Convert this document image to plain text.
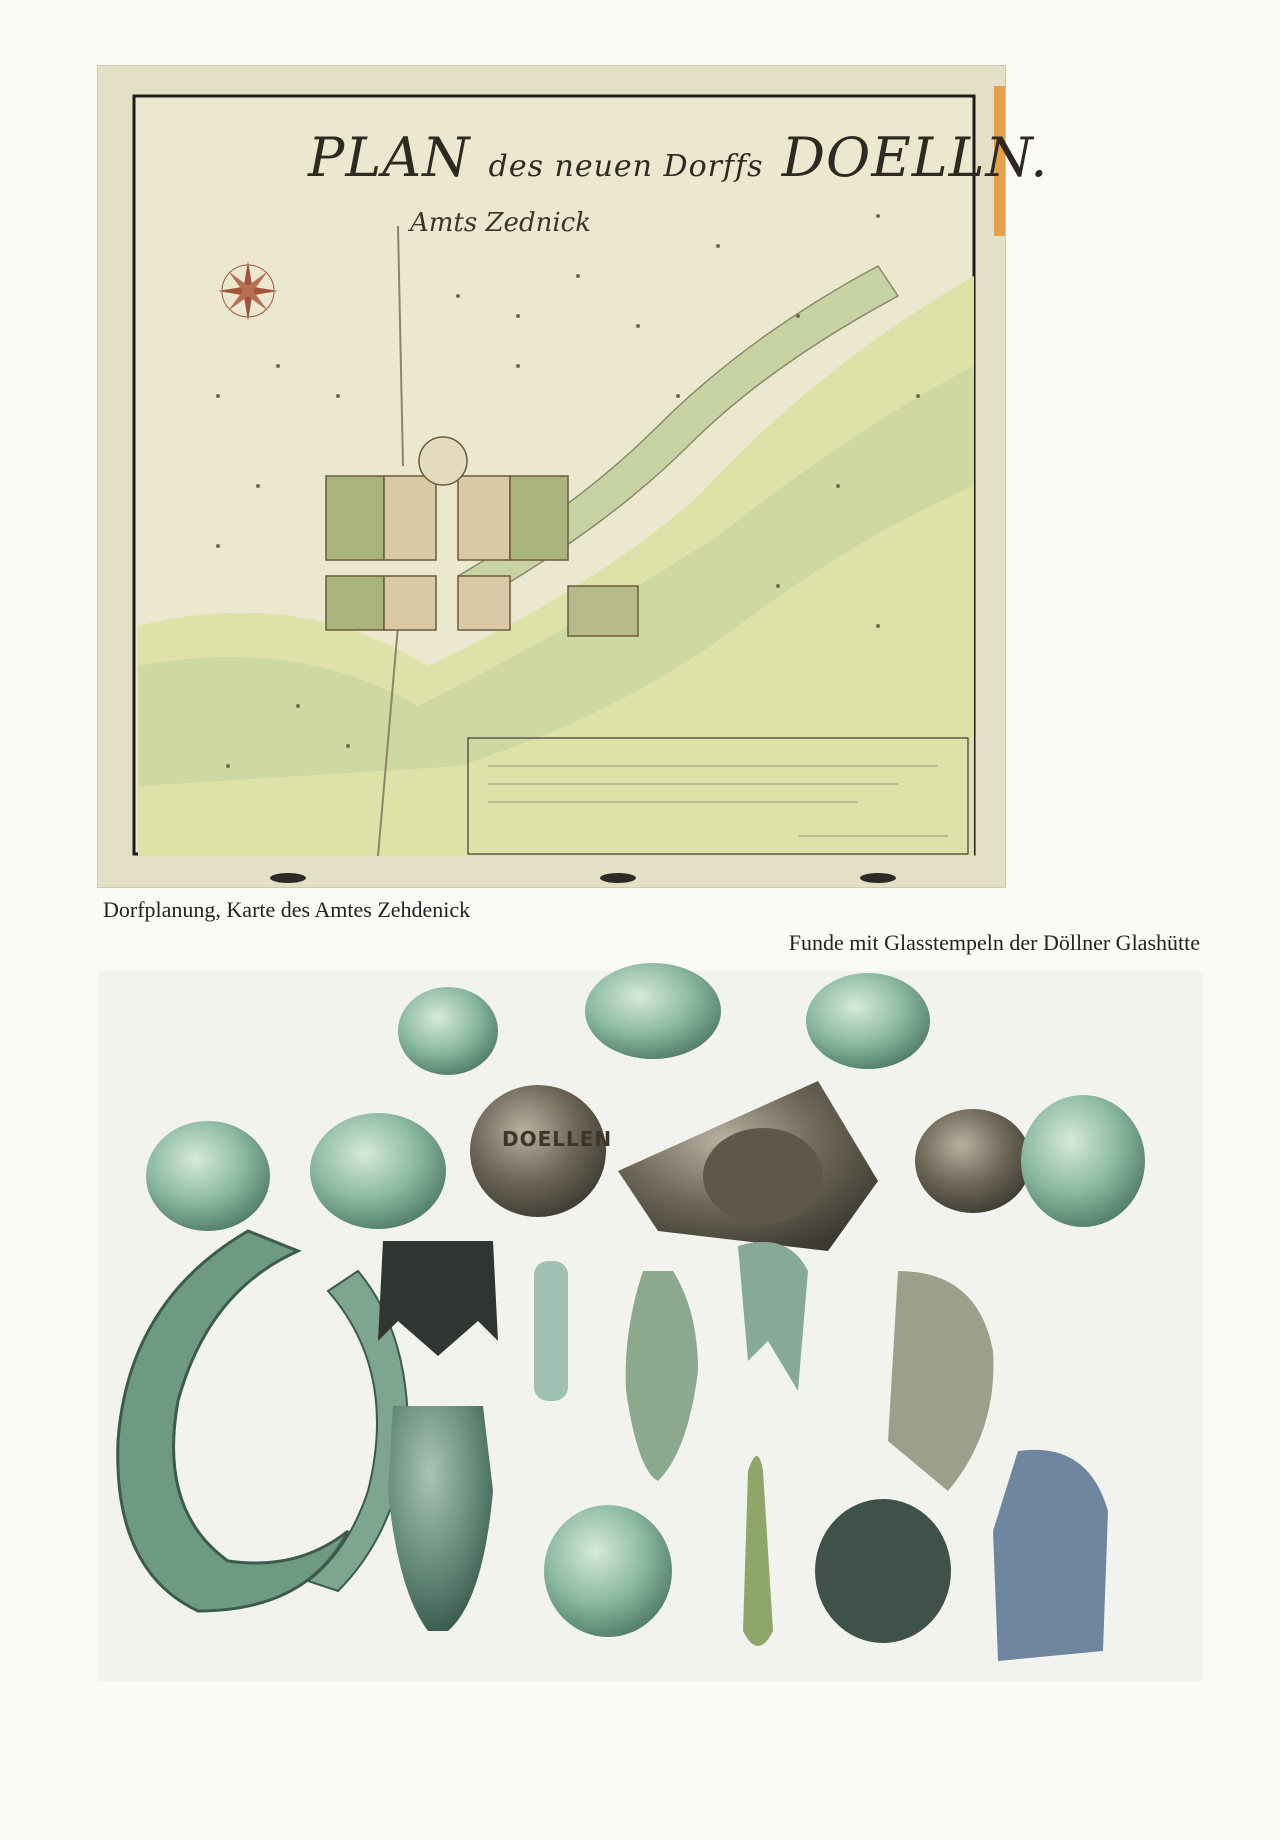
PLAN des neuen Dorffs DOELLN.
Amts Zednick
Dorfplanung, Karte des Amtes Zehdenick
Funde mit Glasstempeln der Döllner Glashütte
DOELLEN
